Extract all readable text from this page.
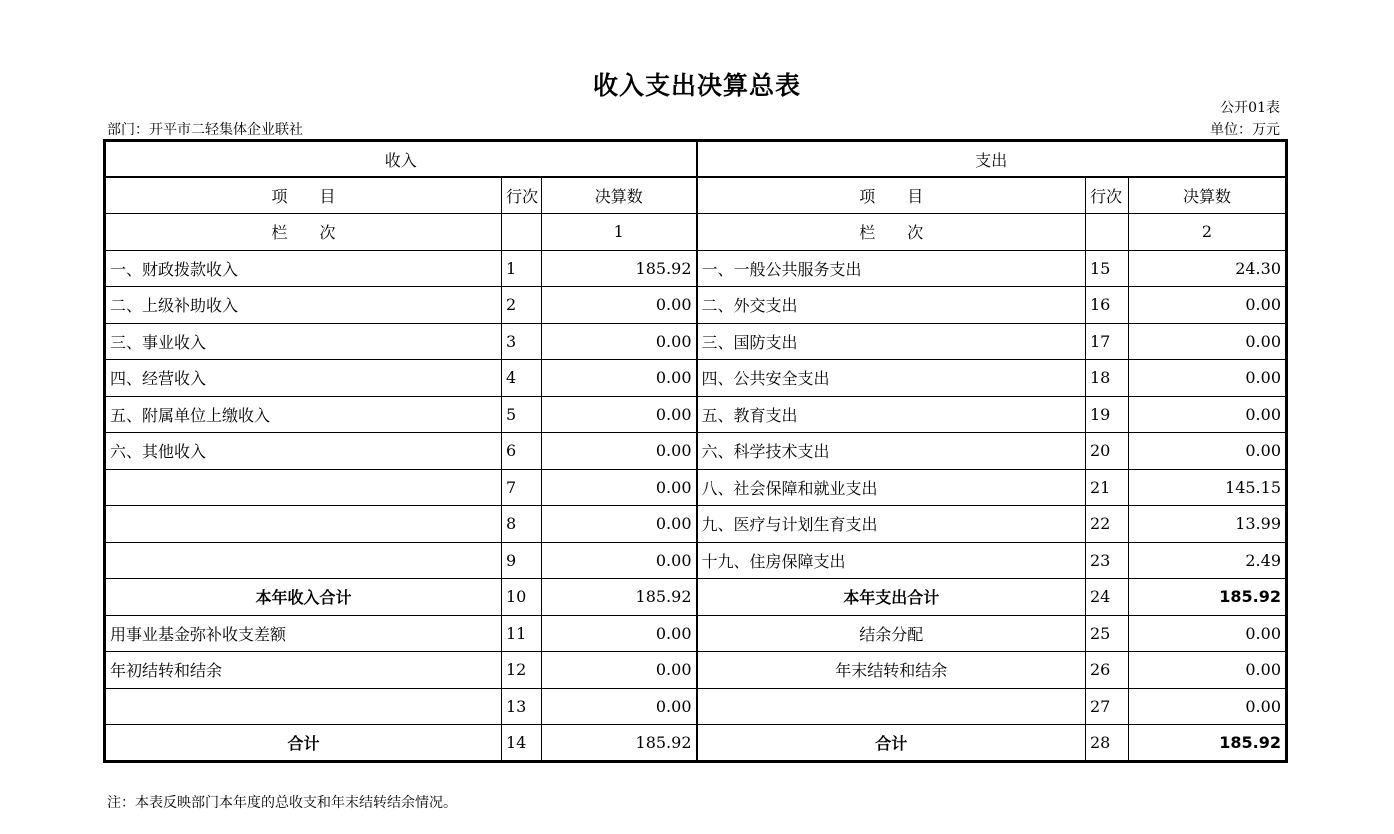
收入支出决算总表
公开01表
部门：开平市二轻集体企业联社	单位：万元
收入			支出		
项　　目	行次	决算数	项　　目	行次	决算数
栏　　次		1	栏　　次		2
一、财政拨款收入	1	185.92	一、一般公共服务支出	15	24.30
二、上级补助收入	2	0.00	二、外交支出	16	0.00
三、事业收入	3	0.00	三、国防支出	17	0.00
四、经营收入	4	0.00	四、公共安全支出	18	0.00
五、附属单位上缴收入	5	0.00	五、教育支出	19	0.00
六、其他收入	6	0.00	六、科学技术支出	20	0.00
	7	0.00	八、社会保障和就业支出	21	145.15
	8	0.00	九、医疗与计划生育支出	22	13.99
	9	0.00	十九、住房保障支出	23	2.49
本年收入合计	10	185.92	本年支出合计	24	185.92
用事业基金弥补收支差额	11	0.00	结余分配	25	0.00
年初结转和结余	12	0.00	年末结转和结余	26	0.00
	13	0.00		27	0.00
合计	14	185.92	合计	28	185.92
注：本表反映部门本年度的总收支和年末结转结余情况。
